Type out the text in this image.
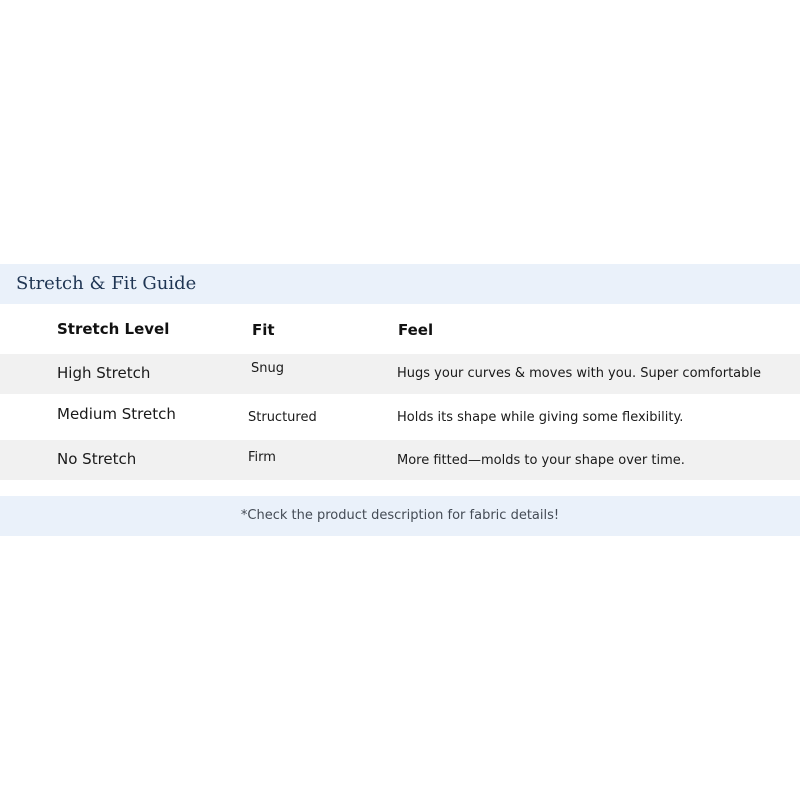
Stretch & Fit Guide
Stretch Level	Fit	Feel
High Stretch	Snug	Hugs your curves & moves with you. Super comfortable
Medium Stretch	Structured	Holds its shape while giving some flexibility.
No Stretch	Firm	More fitted—molds to your shape over time.
*Check the product description for fabric details!
